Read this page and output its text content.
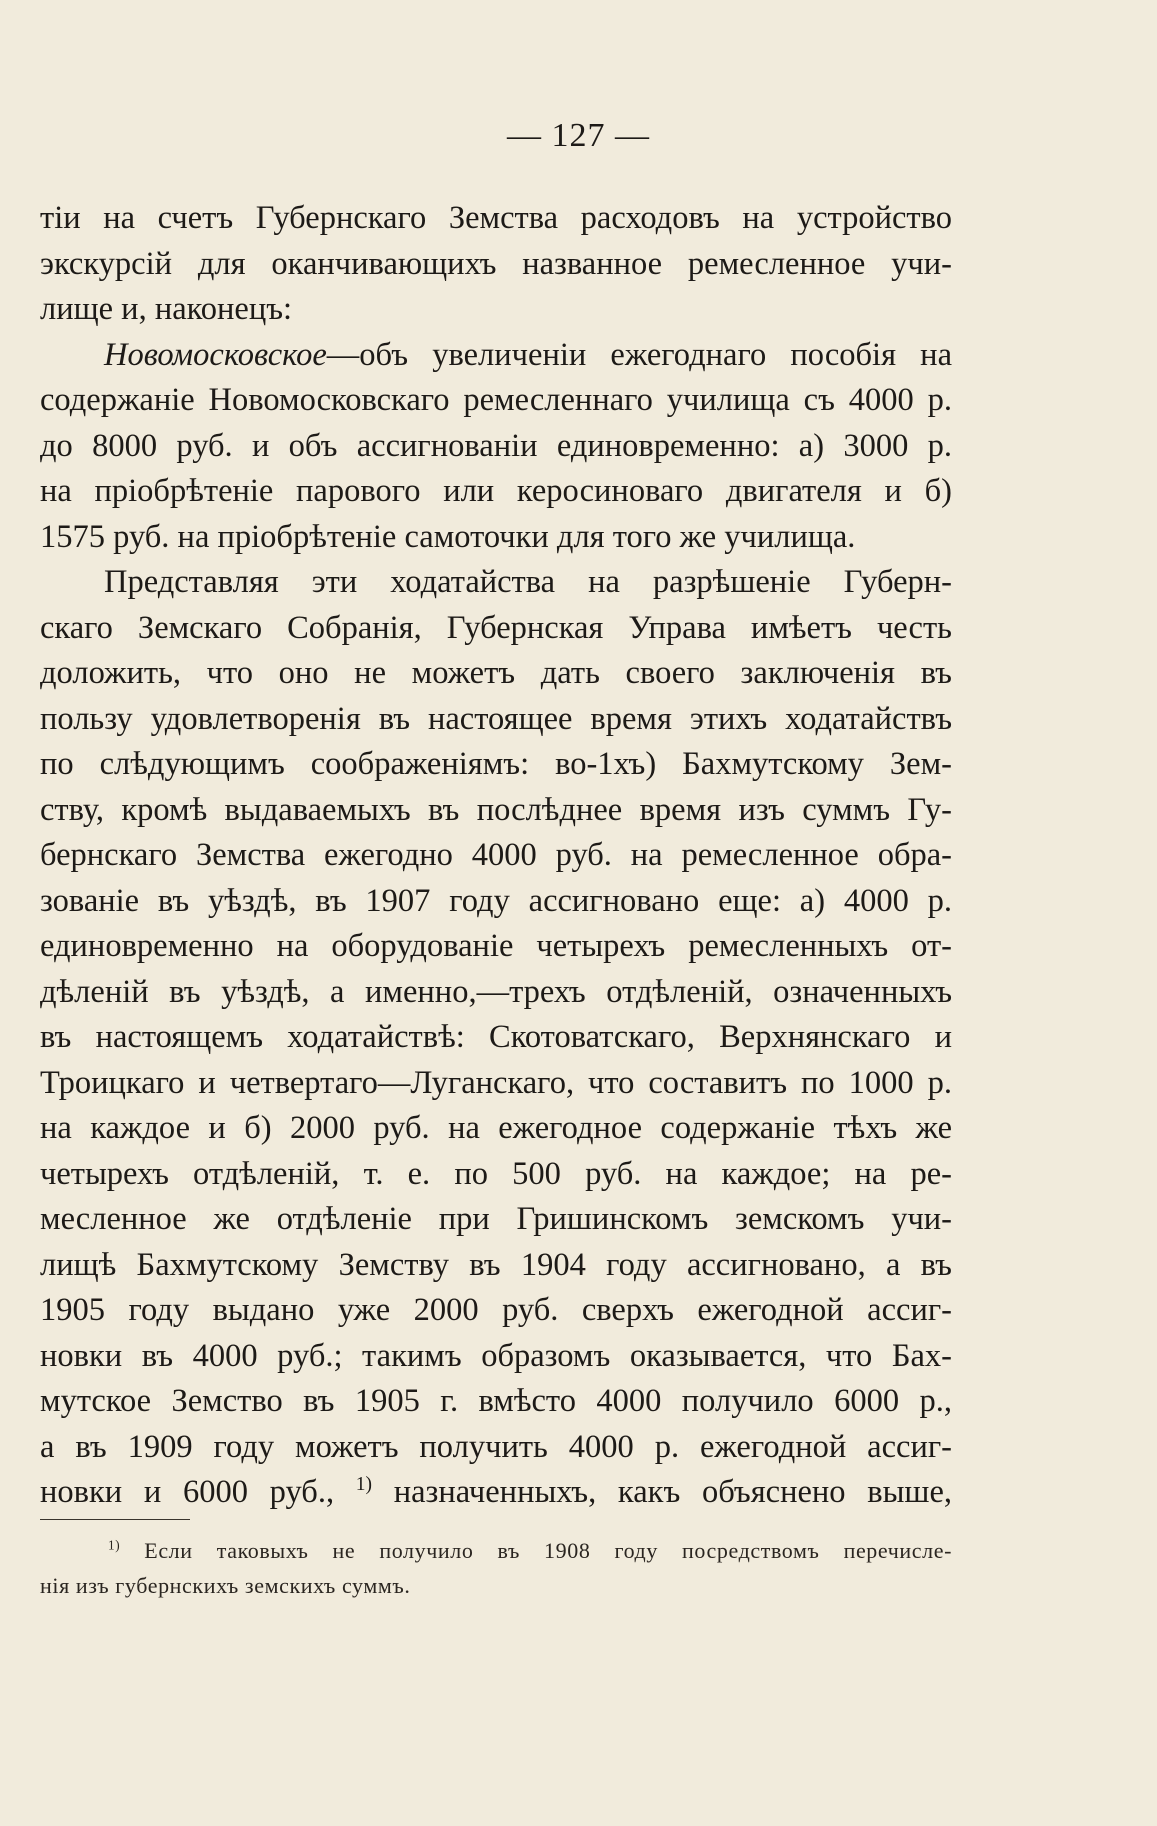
— 127 —
тіи на счетъ Губернскаго Земства расходовъ на устройство
экскурсій для оканчивающихъ названное ремесленное учи-
лище и, наконецъ:
Новомосковское—объ увеличеніи ежегоднаго пособія на
содержаніе Новомосковскаго ремесленнаго училища съ 4000 р.
до 8000 руб. и объ ассигнованіи единовременно: а) 3000 р.
на пріобрѣтеніе парового или керосиноваго двигателя и б)
1575 руб. на пріобрѣтеніе самоточки для того же училища.
Представляя эти ходатайства на разрѣшеніе Губерн-
скаго Земскаго Собранія, Губернская Управа имѣетъ честь
доложить, что оно не можетъ дать своего заключенія въ
пользу удовлетворенія въ настоящее время этихъ ходатайствъ
по слѣдующимъ соображеніямъ: во-1хъ) Бахмутскому Зем-
ству, кромѣ выдаваемыхъ въ послѣднее время изъ суммъ Гу-
бернскаго Земства ежегодно 4000 руб. на ремесленное обра-
зованіе въ уѣздѣ, въ 1907 году ассигновано еще: а) 4000 р.
единовременно на оборудованіе четырехъ ремесленныхъ от-
дѣленій въ уѣздѣ, а именно,—трехъ отдѣленій, означенныхъ
въ настоящемъ ходатайствѣ: Скотоватскаго, Верхнянскаго и
Троицкаго и четвертаго—Луганскаго, что составитъ по 1000 р.
на каждое и б) 2000 руб. на ежегодное содержаніе тѣхъ же
четырехъ отдѣленій, т. е. по 500 руб. на каждое; на ре-
месленное же отдѣленіе при Гришинскомъ земскомъ учи-
лищѣ Бахмутскому Земству въ 1904 году ассигновано, а въ
1905 году выдано уже 2000 руб. сверхъ ежегодной ассиг-
новки въ 4000 руб.; такимъ образомъ оказывается, что Бах-
мутское Земство въ 1905 г. вмѣсто 4000 получило 6000 р.,
а въ 1909 году можетъ получить 4000 р. ежегодной ассиг-
новки и 6000 руб., $^{1)}$ назначенныхъ, какъ объяснено выше,
$^{1)}$ Если таковыхъ не получило въ 1908 году посредствомъ перечисле-
нія изъ губернскихъ земскихъ суммъ.
